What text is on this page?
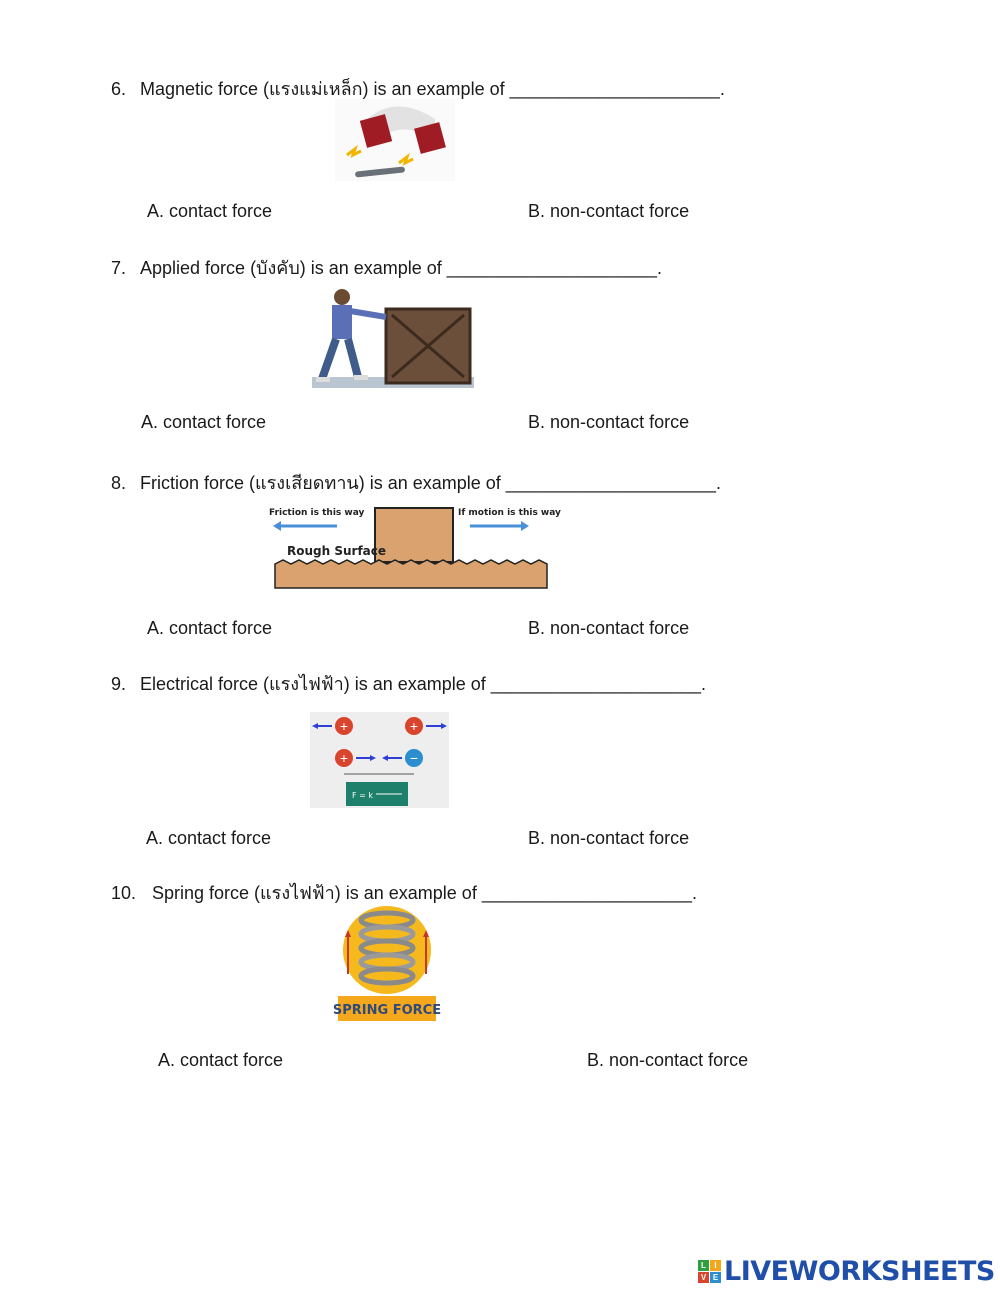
6. Magnetic force (แรงแม่เหล็ก) is an example of _____________________.
A. contact force	B. non-contact force
7. Applied force (บังคับ) is an example of _____________________.
A. contact force	B. non-contact force
8. Friction force (แรงเสียดทาน) is an example of _____________________.
Friction is this way	If motion is this way
Rough Surface
A. contact force	B. non-contact force
9. Electrical force (แรงไฟฟ้า) is an example of _____________________.
+	+
+	−
F = k
A. contact force	B. non-contact force
10. Spring force (แรงไฟฟ้า) is an example of _____________________.
SPRING FORCE
A. contact force	B. non-contact force
L	I
V E LIVEWORKSHEETS
